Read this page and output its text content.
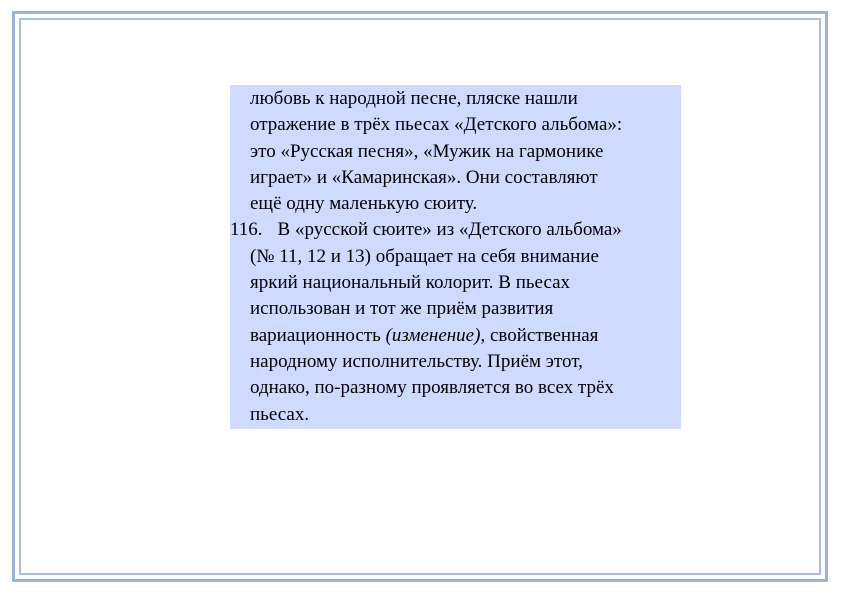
любовь к народной песне, пляске нашли
отражение в трёх пьесах «Детского альбома»:
это «Русская песня», «Мужик на гармонике
играет» и «Камаринская». Они составляют
ещё одну маленькую сюиту.
116. В «русской сюите» из «Детского альбома»
(№ 11, 12 и 13) обращает на себя внимание
яркий национальный колорит. В пьесах
использован и тот же приём развития
вариационность (изменение), свойственная
народному исполнительству. Приём этот,
однако, по-разному проявляется во всех трёх
пьесах.
